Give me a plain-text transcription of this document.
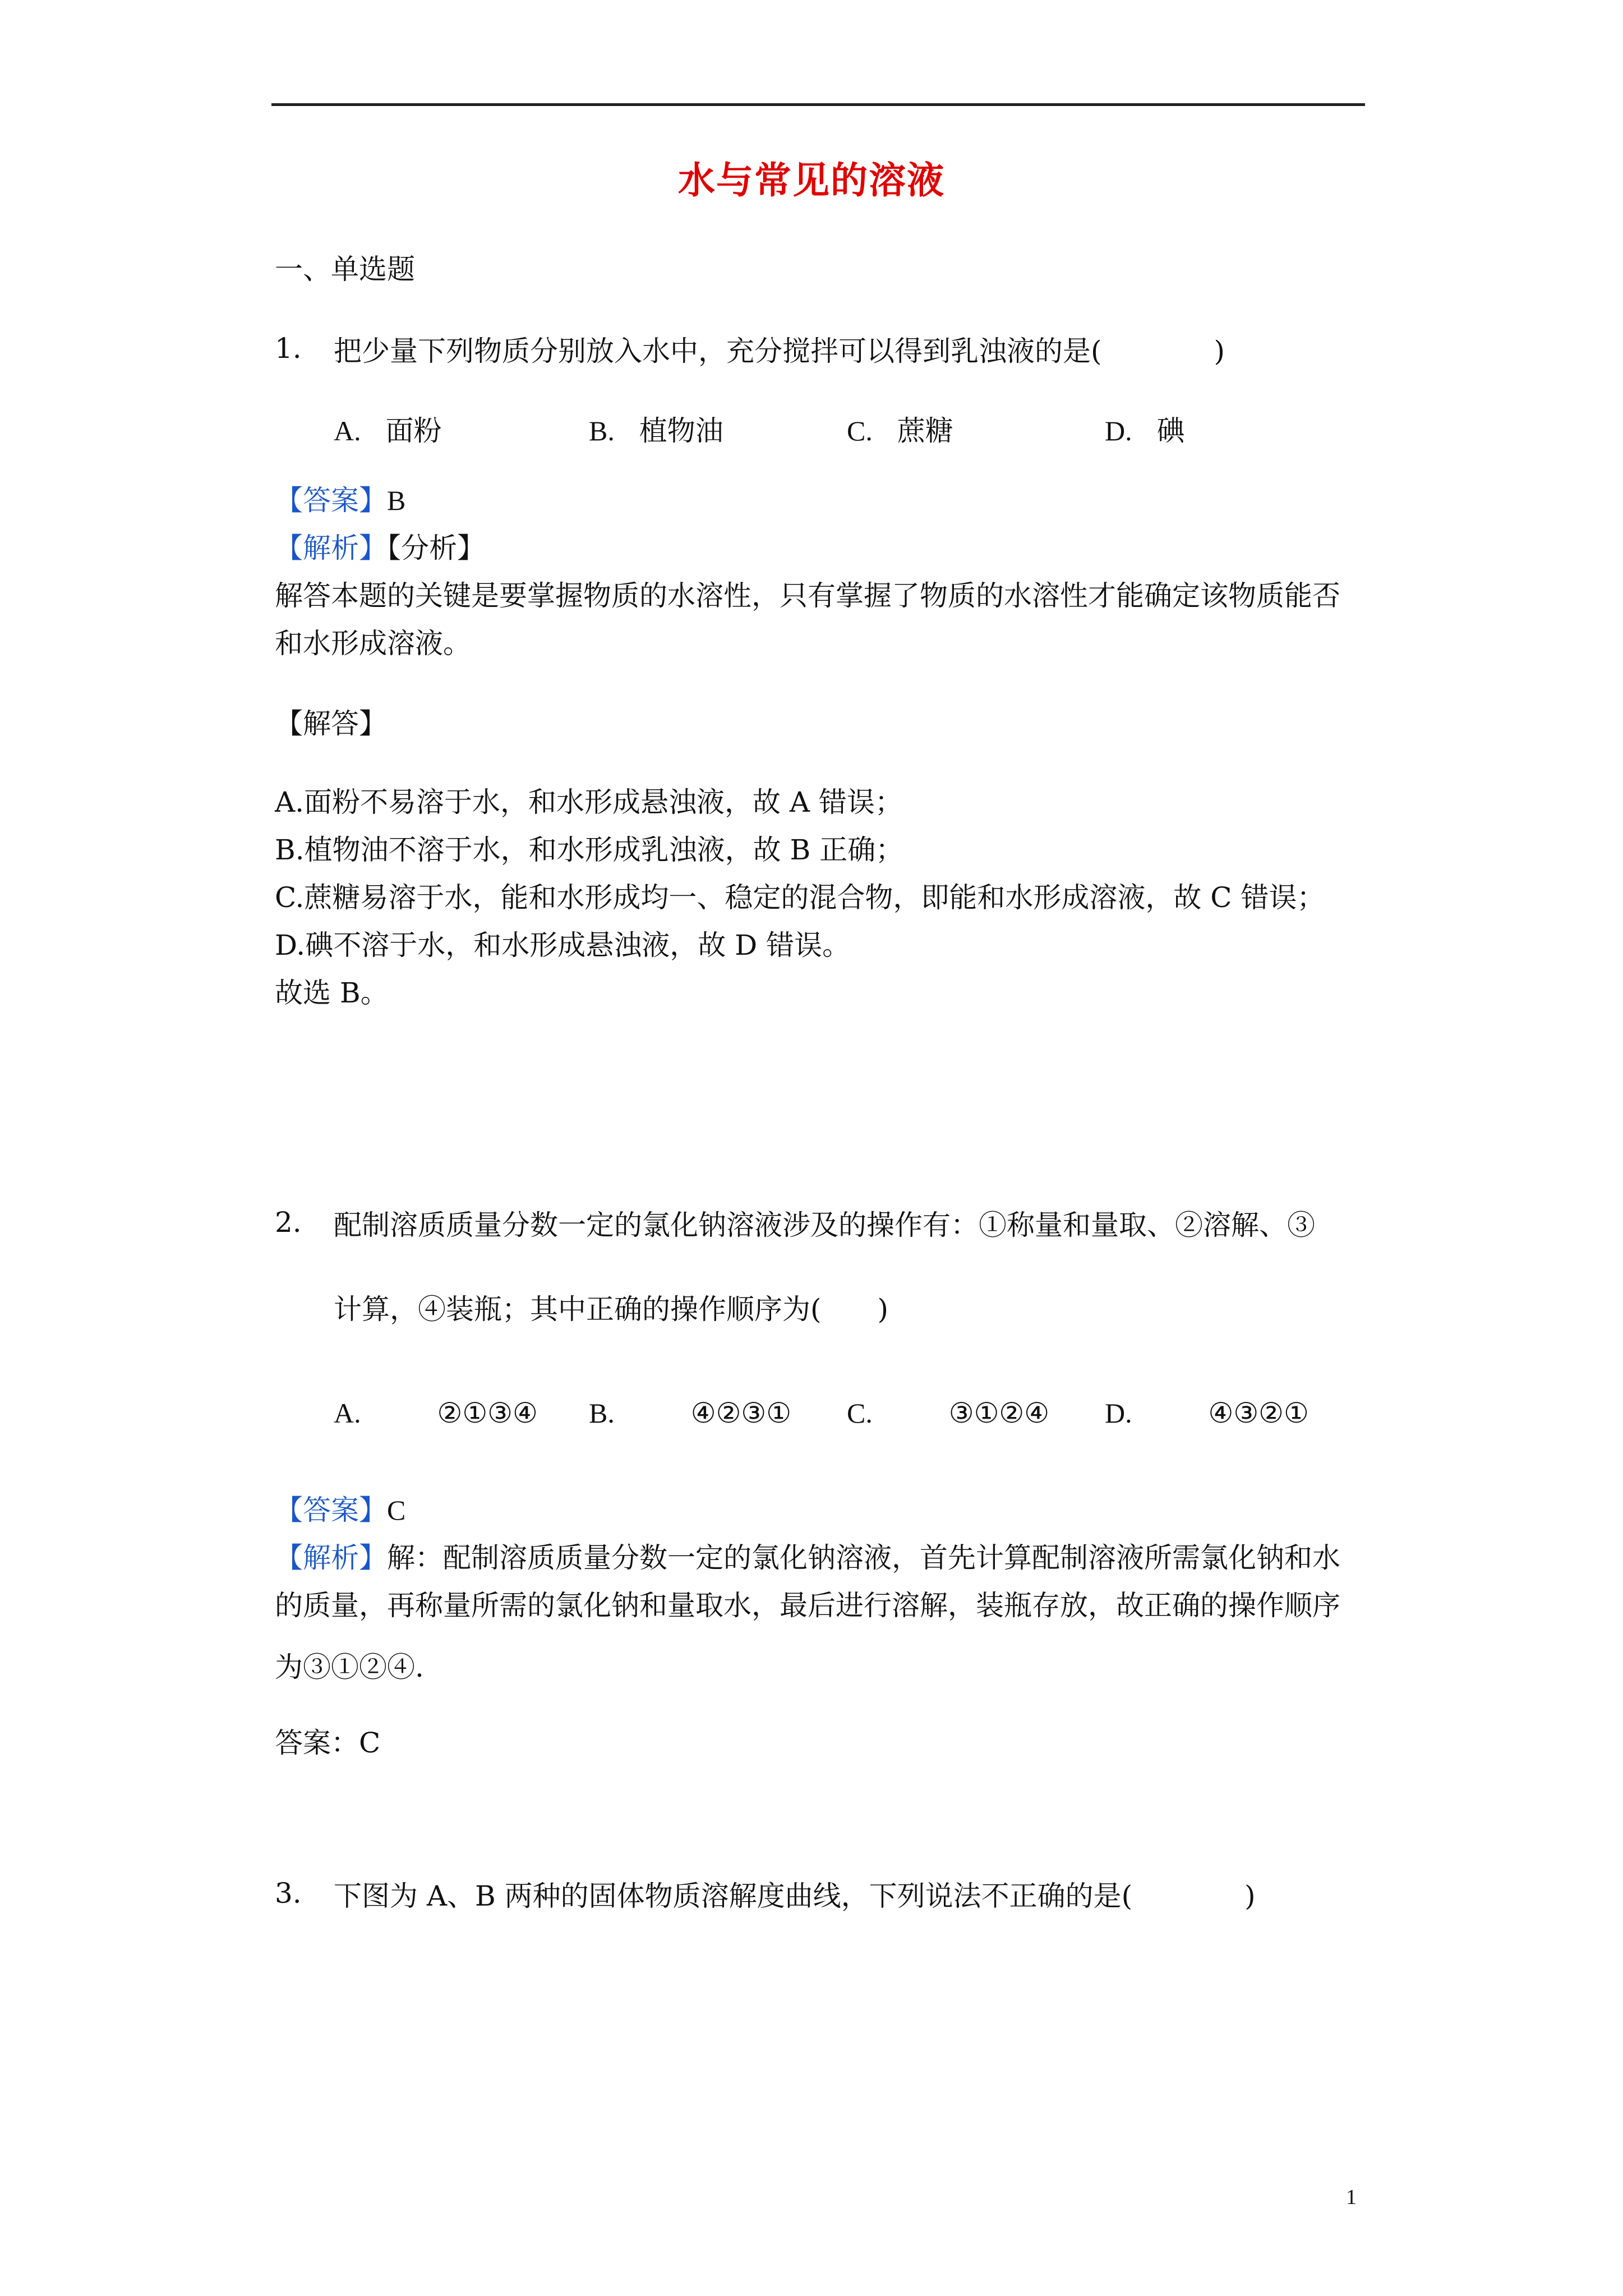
水与常见的溶液
一、单选题
1. 把少量下列物质分别放入水中，充分搅拌可以得到乳浊液的是(　　　　)
A. 面粉	B. 植物油	C. 蔗糖	D. 碘
【答案】B
【解析】【分析】
解答本题的关键是要掌握物质的水溶性，只有掌握了物质的水溶性才能确定该物质能否
和水形成溶液。
【解答】
A.面粉不易溶于水，和水形成悬浊液，故 A 错误；
B.植物油不溶于水，和水形成乳浊液，故 B 正确；
C.蔗糖易溶于水，能和水形成均一、稳定的混合物，即能和水形成溶液，故 C 错误；
D.碘不溶于水，和水形成悬浊液，故 D 错误。
故选 B。
2. 配制溶质质量分数一定的氯化钠溶液涉及的操作有：①称量和量取、②溶解、③
计算，④装瓶；其中正确的操作顺序为(　　)
A.	②①③④ B.	④②③① C.	③①②④ D.	④③②①
【答案】C
【解析】解：配制溶质质量分数一定的氯化钠溶液，首先计算配制溶液所需氯化钠和水
的质量，再称量所需的氯化钠和量取水，最后进行溶解，装瓶存放，故正确的操作顺序
为③①②④.
答案：C
3. 下图为 A、B 两种的固体物质溶解度曲线，下列说法不正确的是(　　　　)
1
